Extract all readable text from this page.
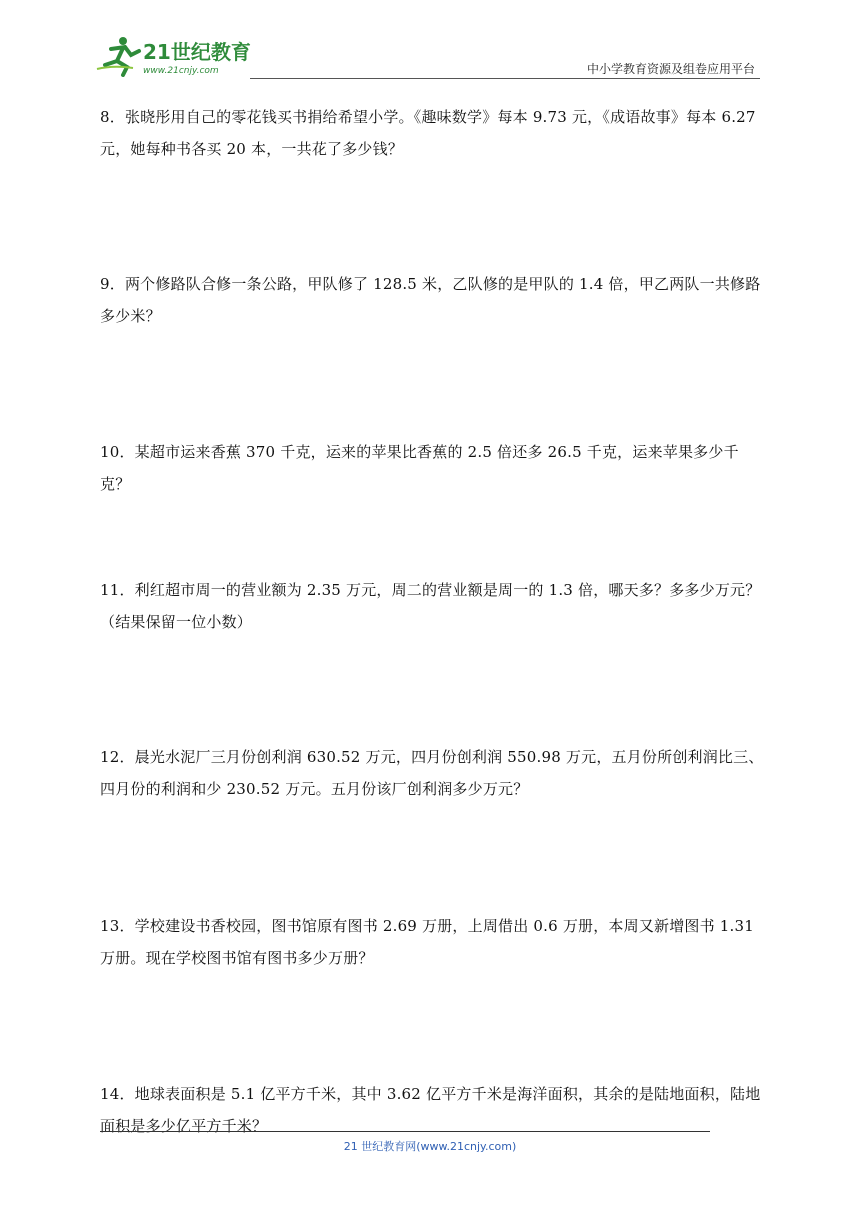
21世纪教育
www.21cnjy.com	中小学教育资源及组卷应用平台
8．张晓彤用自己的零花钱买书捐给希望小学。《趣味数学》每本 9.73 元，《成语故事》每本 6.27 元，她每种书各买 20 本，一共花了多少钱？
9．两个修路队合修一条公路，甲队修了 128.5 米，乙队修的是甲队的 1.4 倍，甲乙两队一共修路多少米？
10．某超市运来香蕉 370 千克，运来的苹果比香蕉的 2.5 倍还多 26.5 千克，运来苹果多少千克？
11．利红超市周一的营业额为 2.35 万元，周二的营业额是周一的 1.3 倍，哪天多？多多少万元？（结果保留一位小数）
12．晨光水泥厂三月份创利润 630.52 万元，四月份创利润 550.98 万元，五月份所创利润比三、四月份的利润和少 230.52 万元。五月份该厂创利润多少万元？
13．学校建设书香校园，图书馆原有图书 2.69 万册，上周借出 0.6 万册，本周又新增图书 1.31 万册。现在学校图书馆有图书多少万册？
14．地球表面积是 5.1 亿平方千米，其中 3.62 亿平方千米是海洋面积，其余的是陆地面积，陆地面积是多少亿平方千米？
21 世纪教育网(www.21cnjy.com)
